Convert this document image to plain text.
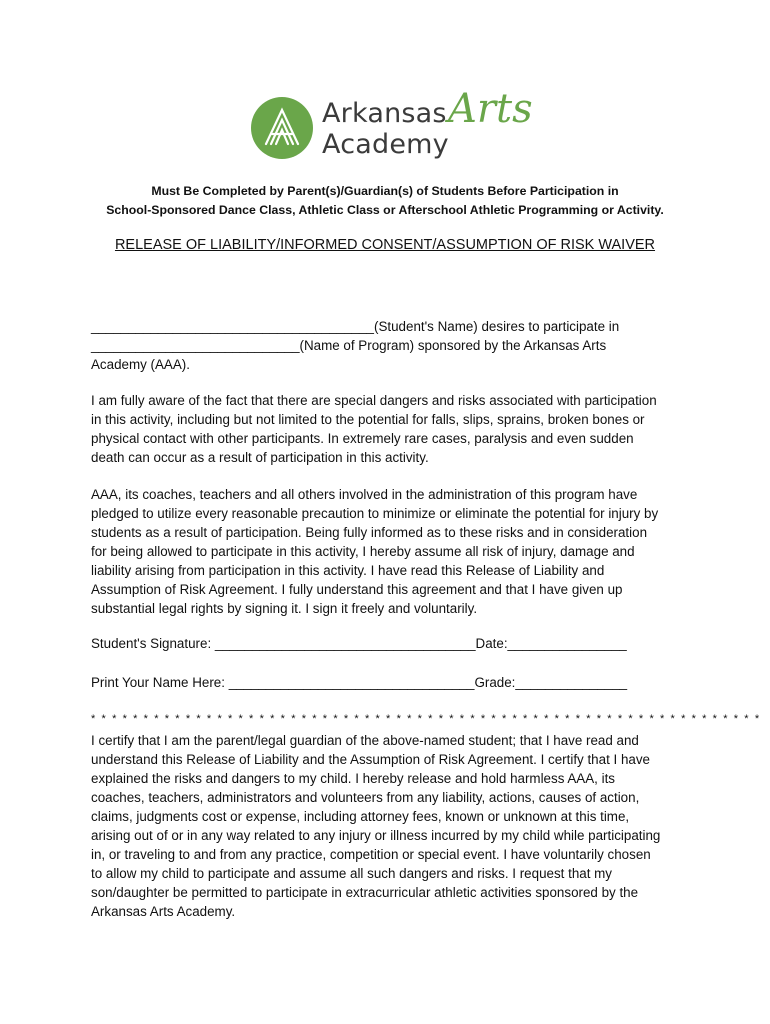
Arkansas
Academy
Arts
Must Be Completed by Parent(s)/Guardian(s) of Students Before Participation in
School-Sponsored Dance Class, Athletic Class or Afterschool Athletic Programming or Activity.
RELEASE OF LIABILITY/INFORMED CONSENT/ASSUMPTION OF RISK WAIVER
______________________________________(Student's Name) desires to participate in
____________________________(Name of Program) sponsored by the Arkansas Arts
Academy (AAA).
I am fully aware of the fact that there are special dangers and risks associated with participation
in this activity, including but not limited to the potential for falls, slips, sprains, broken bones or
physical contact with other participants. In extremely rare cases, paralysis and even sudden
death can occur as a result of participation in this activity.
AAA, its coaches, teachers and all others involved in the administration of this program have
pledged to utilize every reasonable precaution to minimize or eliminate the potential for injury by
students as a result of participation. Being fully informed as to these risks and in consideration
for being allowed to participate in this activity, I hereby assume all risk of injury, damage and
liability arising from participation in this activity. I have read this Release of Liability and
Assumption of Risk Agreement. I fully understand this agreement and that I have given up
substantial legal rights by signing it. I sign it freely and voluntarily.
Student's Signature: ___________________________________Date:________________
Print Your Name Here: _________________________________Grade:_______________
* * * * * * * * * * * * * * * * * * * * * * * * * * * * * * * * * * * * * * * * * * * * * * * * * * * * * * * * * * * * * * * *
I certify that I am the parent/legal guardian of the above-named student; that I have read and
understand this Release of Liability and the Assumption of Risk Agreement. I certify that I have
explained the risks and dangers to my child. I hereby release and hold harmless AAA, its
coaches, teachers, administrators and volunteers from any liability, actions, causes of action,
claims, judgments cost or expense, including attorney fees, known or unknown at this time,
arising out of or in any way related to any injury or illness incurred by my child while participating
in, or traveling to and from any practice, competition or special event. I have voluntarily chosen
to allow my child to participate and assume all such dangers and risks. I request that my
son/daughter be permitted to participate in extracurricular athletic activities sponsored by the
Arkansas Arts Academy.
